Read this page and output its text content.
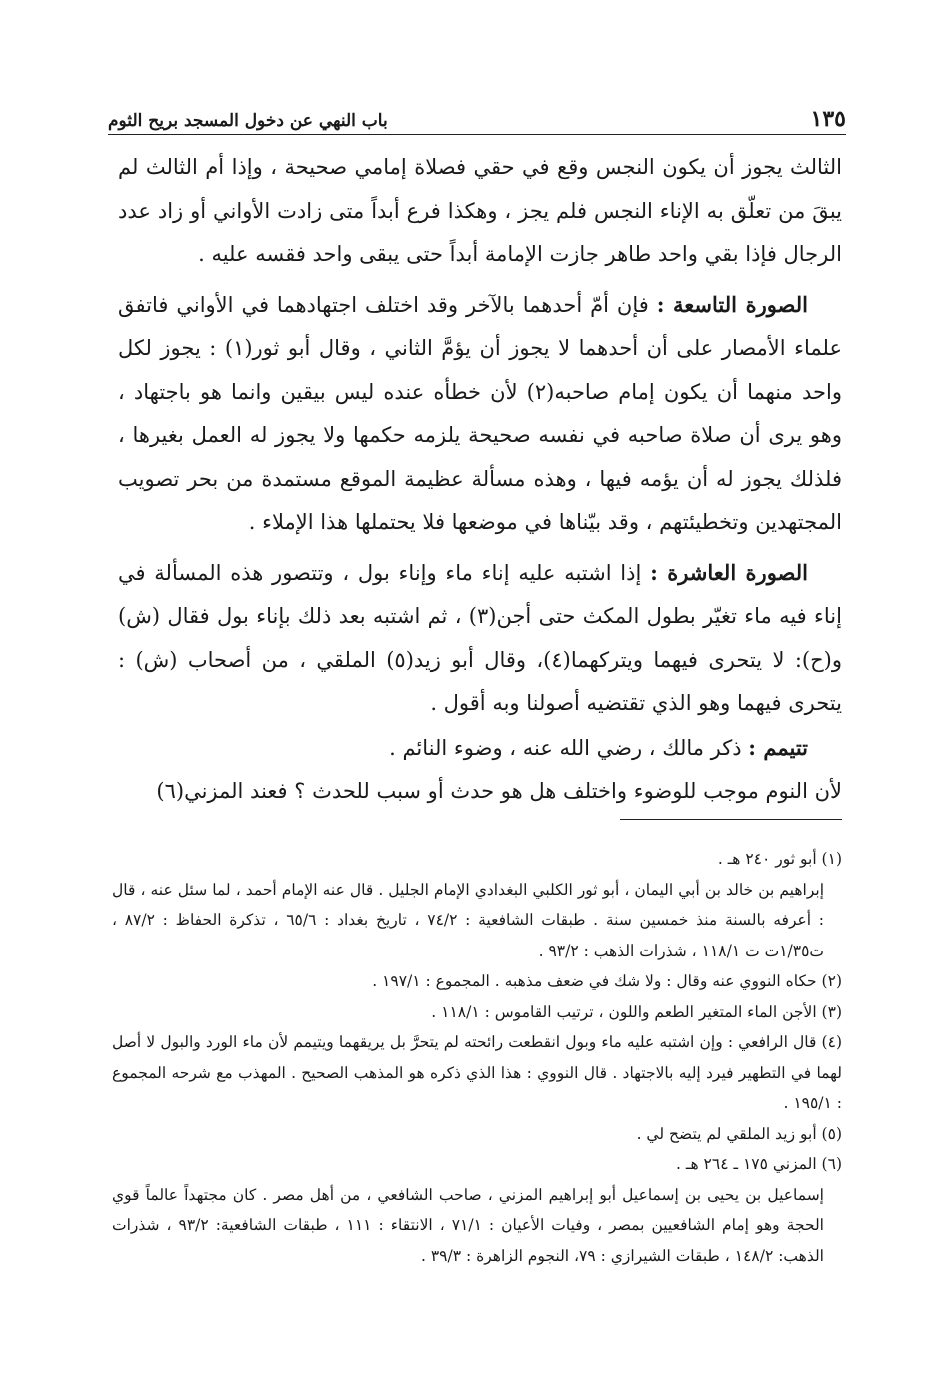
١٣٥
باب النهي عن دخول المسجد بريح الثوم

الثالث يجوز أن يكون النجس وقع في حقي فصلاة إمامي صحيحة ، وإذا أم الثالث لم يبقَ من تعلّق به الإناء النجس فلم يجز ، وهكذا فرع أبداً متى زادت الأواني أو زاد عدد الرجال فإذا بقي واحد طاهر جازت الإمامة أبداً حتى يبقى واحد فقسه عليه .

الصورة التاسعة : فإن أمّ أحدهما بالآخر وقد اختلف اجتهادهما في الأواني فاتفق علماء الأمصار على أن أحدهما لا يجوز أن يؤمَّ الثاني ، وقال أبو ثور(١) : يجوز لكل واحد منهما أن يكون إمام صاحبه(٢) لأن خطأه عنده ليس بيقين وانما هو باجتهاد ، وهو يرى أن صلاة صاحبه في نفسه صحيحة يلزمه حكمها ولا يجوز له العمل بغيرها ، فلذلك يجوز له أن يؤمه فيها ، وهذه مسألة عظيمة الموقع مستمدة من بحر تصويب المجتهدين وتخطيئتهم ، وقد بيّناها في موضعها فلا يحتملها هذا الإملاء .

الصورة العاشرة : إذا اشتبه عليه إناء ماء وإناء بول ، وتتصور هذه المسألة في إناء فيه ماء تغيّر بطول المكث حتى أجن(٣) ، ثم اشتبه بعد ذلك بإناء بول فقال (ش) و(ح): لا يتحرى فيهما ويتركهما(٤)، وقال أبو زيد(٥) الملقي ، من أصحاب (ش) : يتحرى فيهما وهو الذي تقتضيه أصولنا وبه أقول .

تتيمم : ذكر مالك ، رضي الله عنه ، وضوء النائم .

لأن النوم موجب للوضوء واختلف هل هو حدث أو سبب للحدث ؟ فعند المزني(٦)

(١) أبو ثور ٢٤٠ هـ .

إبراهيم بن خالد بن أبي اليمان ، أبو ثور الكلبي البغدادي الإمام الجليل . قال عنه الإمام أحمد ، لما سئل عنه ، قال : أعرفه بالسنة منذ خمسين سنة . طبقات الشافعية : ٧٤/٢ ، تاريخ بغداد : ٦٥/٦ ، تذكرة الحفاظ : ٨٧/٢ ، ت١/٣٥ت ت ١١٨/١ ، شذرات الذهب : ٩٣/٢ .

(٢) حكاه النووي عنه وقال : ولا شك في ضعف مذهبه . المجموع : ١٩٧/١ .

(٣) الأجن الماء المتغير الطعم واللون ، ترتيب القاموس : ١١٨/١ .

(٤) قال الرافعي : وإن اشتبه عليه ماء وبول انقطعت رائحته لم يتحرَّ بل يريقهما ويتيمم لأن ماء الورد والبول لا أصل لهما في التطهير فيرد إليه بالاجتهاد . قال النووي : هذا الذي ذكره هو المذهب الصحيح . المهذب مع شرحه المجموع : ١٩٥/١ .

(٥) أبو زيد الملقي لم يتضح لي .

(٦) المزني ١٧٥ ـ ٢٦٤ هـ .

إسماعيل بن يحيى بن إسماعيل أبو إبراهيم المزني ، صاحب الشافعي ، من أهل مصر . كان مجتهداً عالماً قوي الحجة وهو إمام الشافعيين بمصر ، وفيات الأعيان : ٧١/١ ، الانتقاء : ١١١ ، طبقات الشافعية: ٩٣/٢ ، شذرات الذهب: ١٤٨/٢ ، طبقات الشيرازي : ٧٩، النجوم الزاهرة : ٣٩/٣ .
